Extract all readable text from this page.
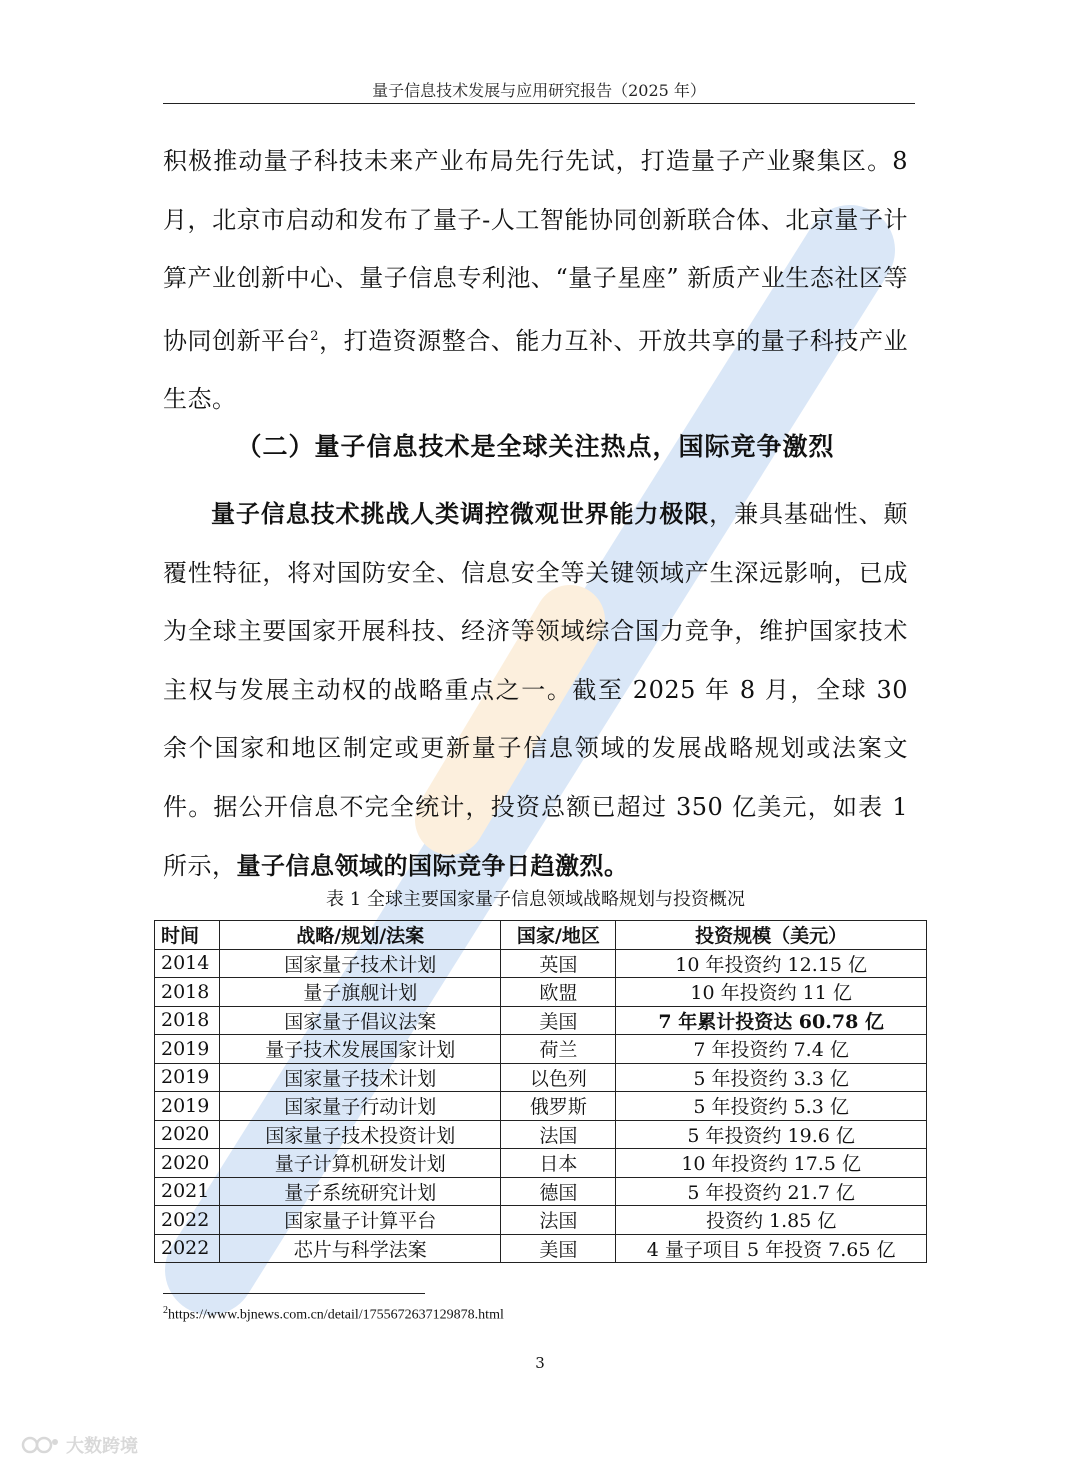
量子信息技术发展与应用研究报告（2025 年）

积极推动量子科技未来产业布局先行先试，打造量子产业聚集区。8 月，北京市启动和发布了量子-人工智能协同创新联合体、北京量子计算产业创新中心、量子信息专利池、“量子星座” 新质产业生态社区等协同创新平台$^2$，打造资源整合、能力互补、开放共享的量子科技产业生态。

（二）量子信息技术是全球关注热点，国际竞争激烈

量子信息技术挑战人类调控微观世界能力极限，兼具基础性、颠覆性特征，将对国防安全、信息安全等关键领域产生深远影响，已成为全球主要国家开展科技、经济等领域综合国力竞争，维护国家技术主权与发展主动权的战略重点之一。截至 2025 年 8 月，全球 30 余个国家和地区制定或更新量子信息领域的发展战略规划或法案文件。据公开信息不完全统计，投资总额已超过 350 亿美元，如表 1 所示，量子信息领域的国际竞争日趋激烈。

表 1 全球主要国家量子信息领域战略规划与投资概况
时间	战略/规划/法案	国家/地区	投资规模（美元）
2014	国家量子技术计划	英国	10 年投资约 12.15 亿
2018	量子旗舰计划	欧盟	10 年投资约 11 亿
2018	国家量子倡议法案	美国	7 年累计投资达 60.78 亿
2019	量子技术发展国家计划	荷兰	7 年投资约 7.4 亿
2019	国家量子技术计划	以色列	5 年投资约 3.3 亿
2019	国家量子行动计划	俄罗斯	5 年投资约 5.3 亿
2020	国家量子技术投资计划	法国	5 年投资约 19.6 亿
2020	量子计算机研发计划	日本	10 年投资约 17.5 亿
2021	量子系统研究计划	德国	5 年投资约 21.7 亿
2022	国家量子计算平台	法国	投资约 1.85 亿
2022	芯片与科学法案	美国	4 量子项目 5 年投资 7.65 亿
$^2$https://www.bjnews.com.cn/detail/1755672637129878.html
3
大数跨境
